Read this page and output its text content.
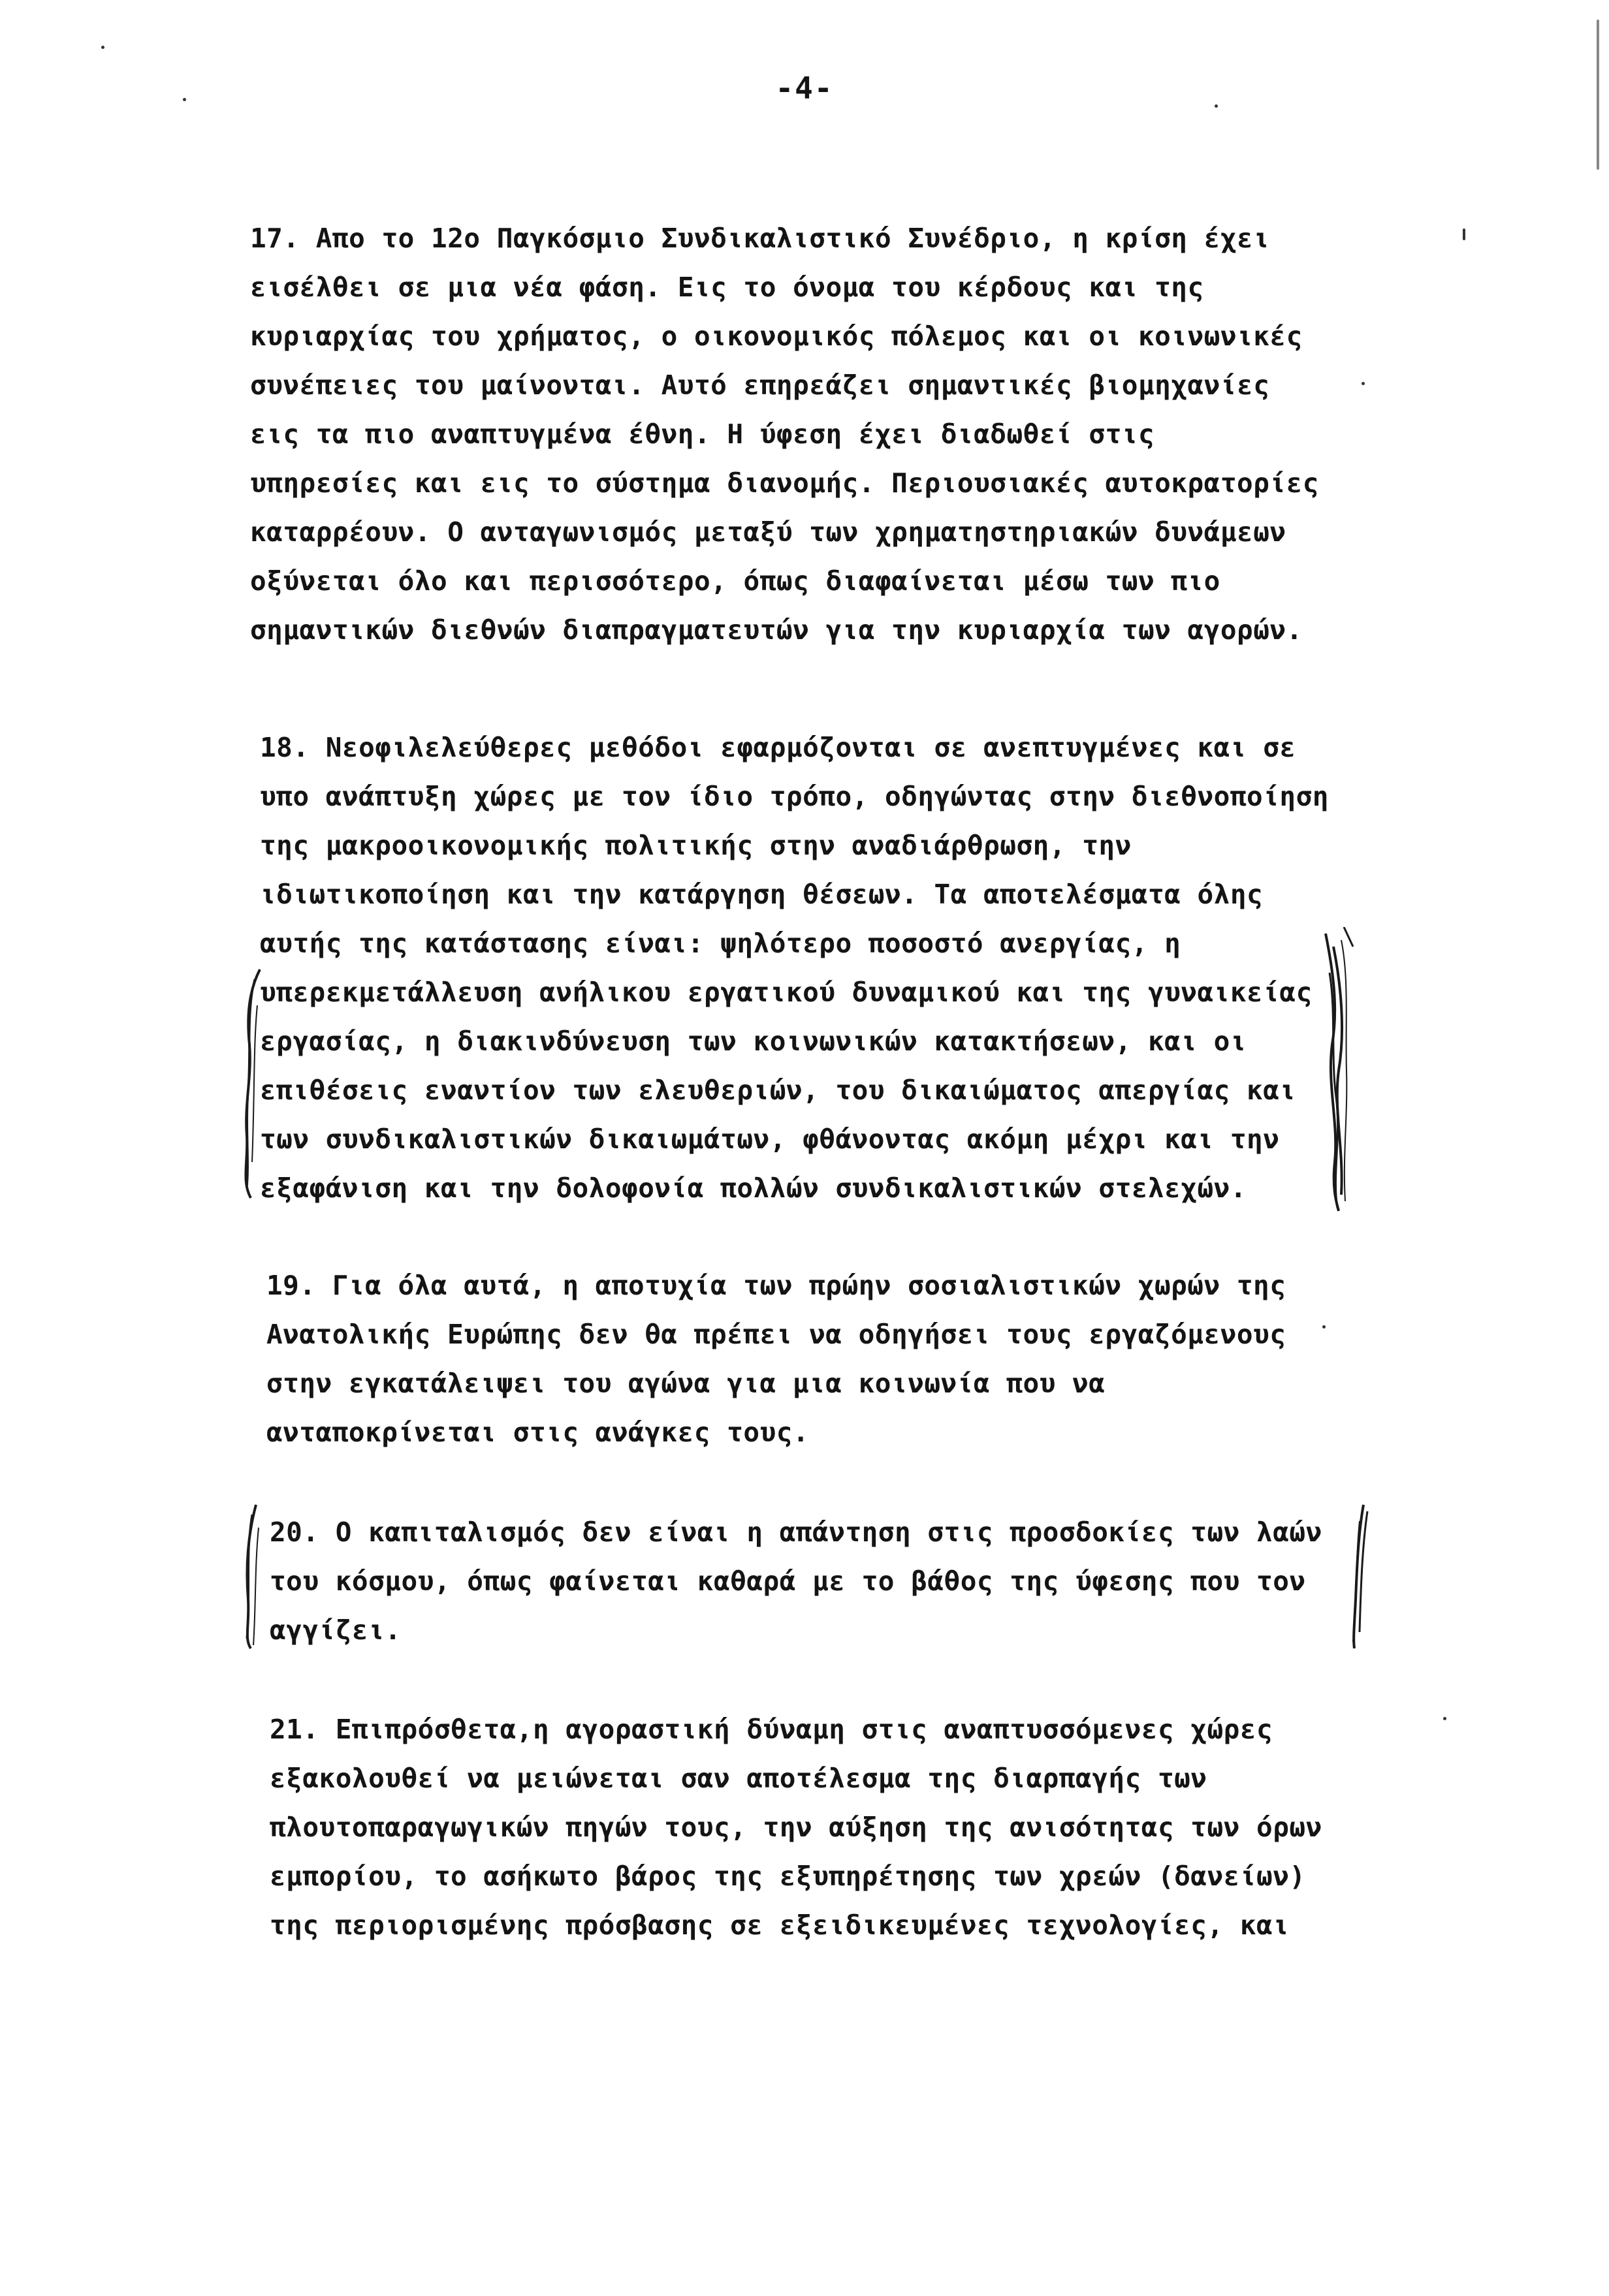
-4-
17. Απο το 12ο Παγκόσμιο Συνδικαλιστικό Συνέδριο, η κρίση έχει
εισέλθει σε μια νέα φάση. Εις το όνομα του κέρδους και της
κυριαρχίας του χρήματος, ο οικονομικός πόλεμος και οι κοινωνικές
συνέπειες του μαίνονται. Αυτό επηρεάζει σημαντικές βιομηχανίες
εις τα πιο αναπτυγμένα έθνη. Η ύφεση έχει διαδωθεί στις
υπηρεσίες και εις το σύστημα διανομής. Περιουσιακές αυτοκρατορίες
καταρρέουν. Ο ανταγωνισμός μεταξύ των χρηματηστηριακών δυνάμεων
οξύνεται όλο και περισσότερο, όπως διαφαίνεται μέσω των πιο
σημαντικών διεθνών διαπραγματευτών για την κυριαρχία των αγορών.
18. Νεοφιλελεύθερες μεθόδοι εφαρμόζονται σε ανεπτυγμένες και σε
υπο ανάπτυξη χώρες με τον ίδιο τρόπο, οδηγώντας στην διεθνοποίηση
της μακροοικονομικής πολιτικής στην αναδιάρθρωση, την
ιδιωτικοποίηση και την κατάργηση θέσεων. Τα αποτελέσματα όλης
αυτής της κατάστασης είναι: ψηλότερο ποσοστό ανεργίας, η
υπερεκμετάλλευση ανήλικου εργατικού δυναμικού και της γυναικείας
εργασίας, η διακινδύνευση των κοινωνικών κατακτήσεων, και οι
επιθέσεις εναντίον των ελευθεριών, του δικαιώματος απεργίας και
των συνδικαλιστικών δικαιωμάτων, φθάνοντας ακόμη μέχρι και την
εξαφάνιση και την δολοφονία πολλών συνδικαλιστικών στελεχών.
19. Για όλα αυτά, η αποτυχία των πρώην σοσιαλιστικών χωρών της
Ανατολικής Ευρώπης δεν θα πρέπει να οδηγήσει τους εργαζόμενους
στην εγκατάλειψει του αγώνα για μια κοινωνία που να
ανταποκρίνεται στις ανάγκες τους.
20. Ο καπιταλισμός δεν είναι η απάντηση στις προσδοκίες των λαών
του κόσμου, όπως φαίνεται καθαρά με το βάθος της ύφεσης που τον
αγγίζει.
21. Επιπρόσθετα,η αγοραστική δύναμη στις αναπτυσσόμενες χώρες
εξακολουθεί να μειώνεται σαν αποτέλεσμα της διαρπαγής των
πλουτοπαραγωγικών πηγών τους, την αύξηση της ανισότητας των όρων
εμπορίου, το ασήκωτο βάρος της εξυπηρέτησης των χρεών (δανείων)
της περιορισμένης πρόσβασης σε εξειδικευμένες τεχνολογίες, και
